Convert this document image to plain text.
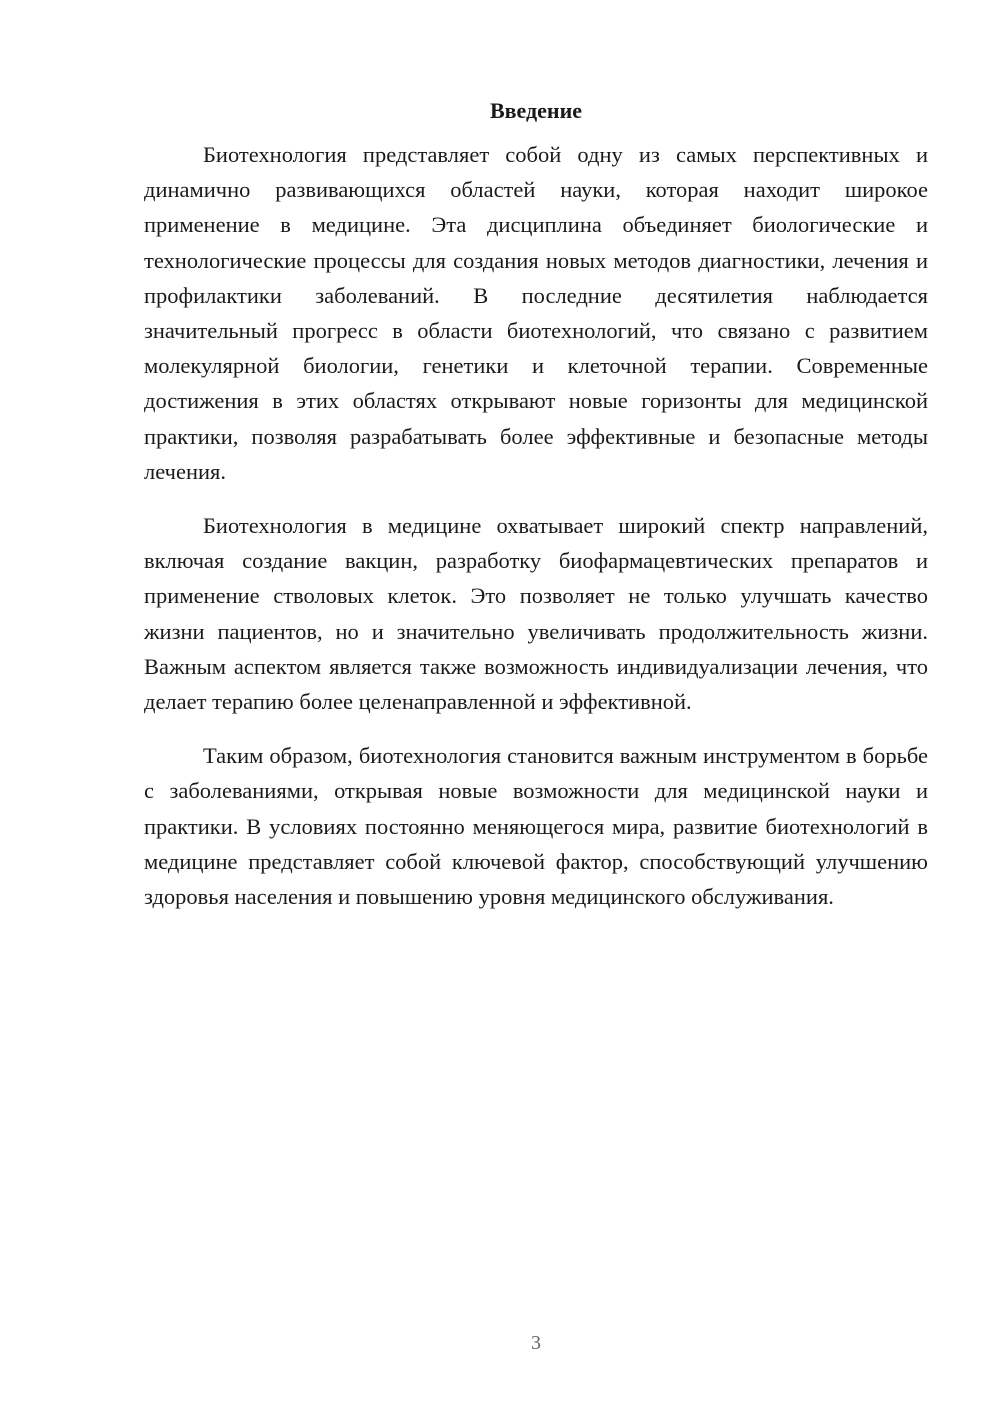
Введение

Биотехнология представляет собой одну из самых перспективных и динамично развивающихся областей науки, которая находит широкое применение в медицине. Эта дисциплина объединяет биологические и технологические процессы для создания новых методов диагностики, лечения и профилактики заболеваний. В последние десятилетия наблюдается значительный прогресс в области биотехнологий, что связано с развитием молекулярной биологии, генетики и клеточной терапии. Современные достижения в этих областях открывают новые горизонты для медицинской практики, позволяя разрабатывать более эффективные и безопасные методы лечения.

Биотехнология в медицине охватывает широкий спектр направлений, включая создание вакцин, разработку биофармацевтических препаратов и применение стволовых клеток. Это позволяет не только улучшать качество жизни пациентов, но и значительно увеличивать продолжительность жизни. Важным аспектом является также возможность индивидуализации лечения, что делает терапию более целенаправленной и эффективной.

Таким образом, биотехнология становится важным инструментом в борьбе с заболеваниями, открывая новые возможности для медицинской науки и практики. В условиях постоянно меняющегося мира, развитие биотехнологий в медицине представляет собой ключевой фактор, способствующий улучшению здоровья населения и повышению уровня медицинского обслуживания.

3
